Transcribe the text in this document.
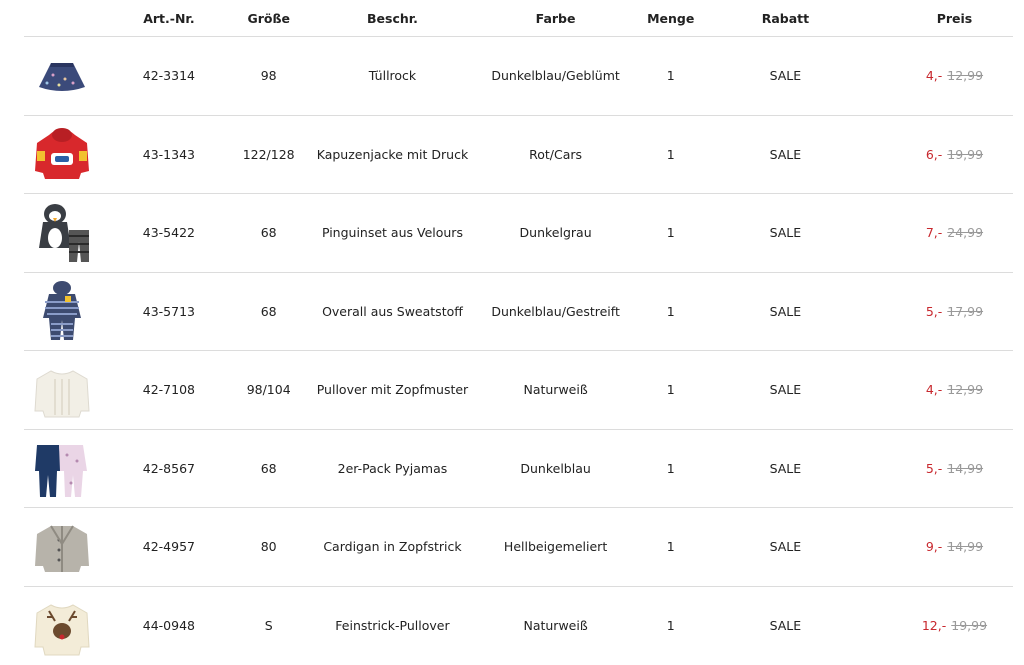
Art.-Nr.	Größe	Beschr.	Farbe	Menge	Rabatt	Preis
42-3314	98	Tüllrock	Dunkelblau/Geblümt	1	SALE	4,- 12,99
43-1343	122/128	Kapuzenjacke mit Druck	Rot/Cars	1	SALE	6,- 19,99
43-5422	68	Pinguinset aus Velours	Dunkelgrau	1	SALE	7,- 24,99
43-5713	68	Overall aus Sweatstoff	Dunkelblau/Gestreift	1	SALE	5,- 17,99
42-7108	98/104	Pullover mit Zopfmuster	Naturweiß	1	SALE	4,- 12,99
42-8567	68	2er-Pack Pyjamas	Dunkelblau	1	SALE	5,- 14,99
42-4957	80	Cardigan in Zopfstrick	Hellbeigemeliert	1	SALE	9,- 14,99
44-0948	S	Feinstrick-Pullover	Naturweiß	1	SALE	12,- 19,99
